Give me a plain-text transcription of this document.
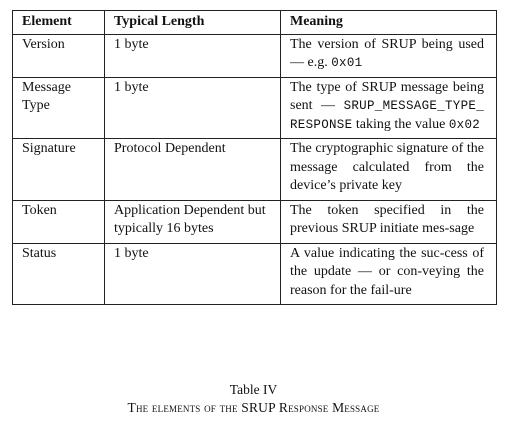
Element	Typical Length	Meaning
Version	1 byte	The version of SRUP being used — e.g. 0x01
Message Type	1 byte	The type of SRUP message being sent — SRUP_MESSAGE_TYPE_ RESPONSE taking the value 0x02
Signature	Protocol Dependent	The cryptographic signature of the message calculated from the device’s private key
Token	Application Dependent but typically 16 bytes	The token specified in the previous SRUP initiate mes-sage
Status	1 byte	A value indicating the suc-cess of the update — or con-veying the reason for the fail-ure
Table IV
The elements of the SRUP Response Message
